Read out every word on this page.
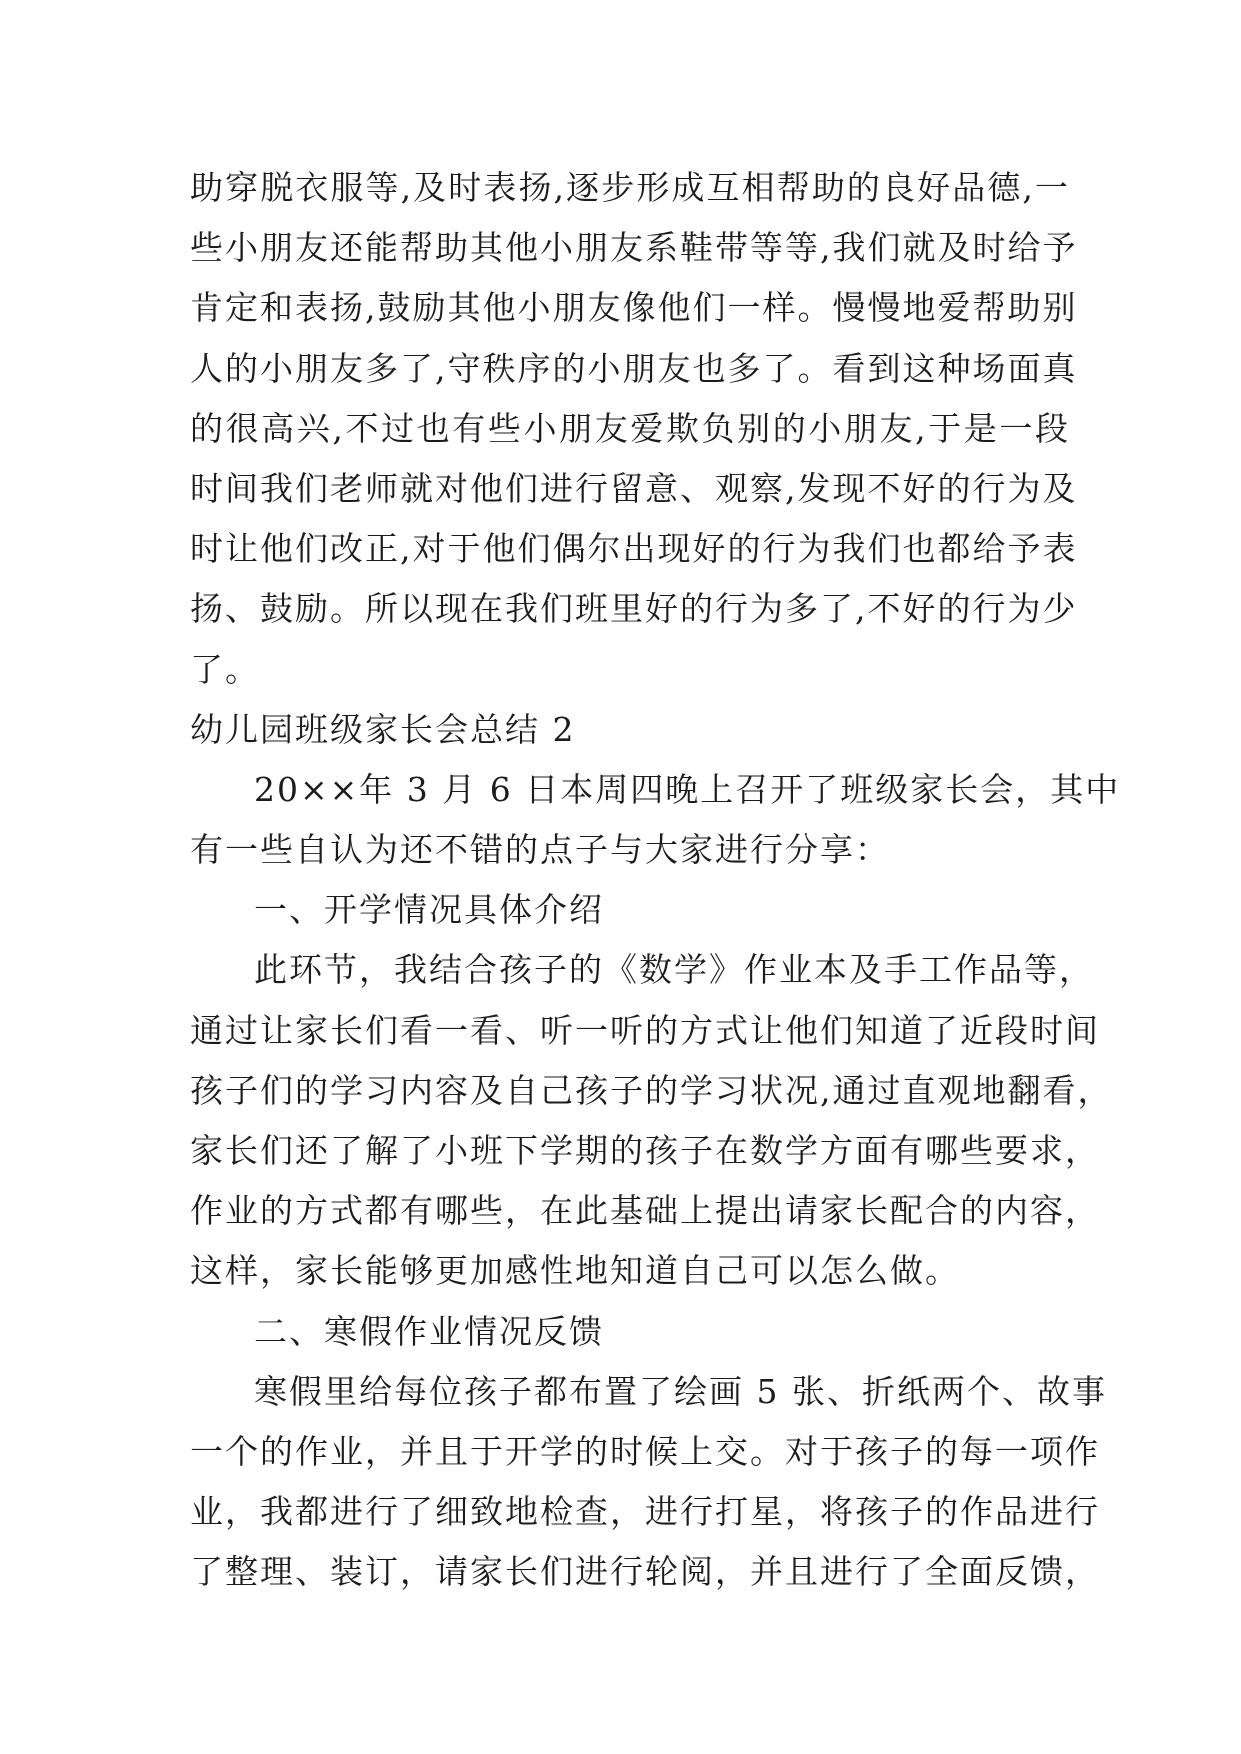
助穿脱衣服等,及时表扬,逐步形成互相帮助的良好品德,一
些小朋友还能帮助其他小朋友系鞋带等等,我们就及时给予
肯定和表扬,鼓励其他小朋友像他们一样。慢慢地爱帮助别
人的小朋友多了,守秩序的小朋友也多了。看到这种场面真
的很高兴,不过也有些小朋友爱欺负别的小朋友,于是一段
时间我们老师就对他们进行留意、观察,发现不好的行为及
时让他们改正,对于他们偶尔出现好的行为我们也都给予表
扬、鼓励。所以现在我们班里好的行为多了,不好的行为少
了。
幼儿园班级家长会总结 2
20××年 3 月 6 日本周四晚上召开了班级家长会，其中
有一些自认为还不错的点子与大家进行分享：
一、开学情况具体介绍
此环节，我结合孩子的《数学》作业本及手工作品等，
通过让家长们看一看、听一听的方式让他们知道了近段时间
孩子们的学习内容及自己孩子的学习状况,通过直观地翻看，
家长们还了解了小班下学期的孩子在数学方面有哪些要求，
作业的方式都有哪些，在此基础上提出请家长配合的内容，
这样，家长能够更加感性地知道自己可以怎么做。
二、寒假作业情况反馈
寒假里给每位孩子都布置了绘画 5 张、折纸两个、故事
一个的作业，并且于开学的时候上交。对于孩子的每一项作
业，我都进行了细致地检查，进行打星，将孩子的作品进行
了整理、装订，请家长们进行轮阅，并且进行了全面反馈，
